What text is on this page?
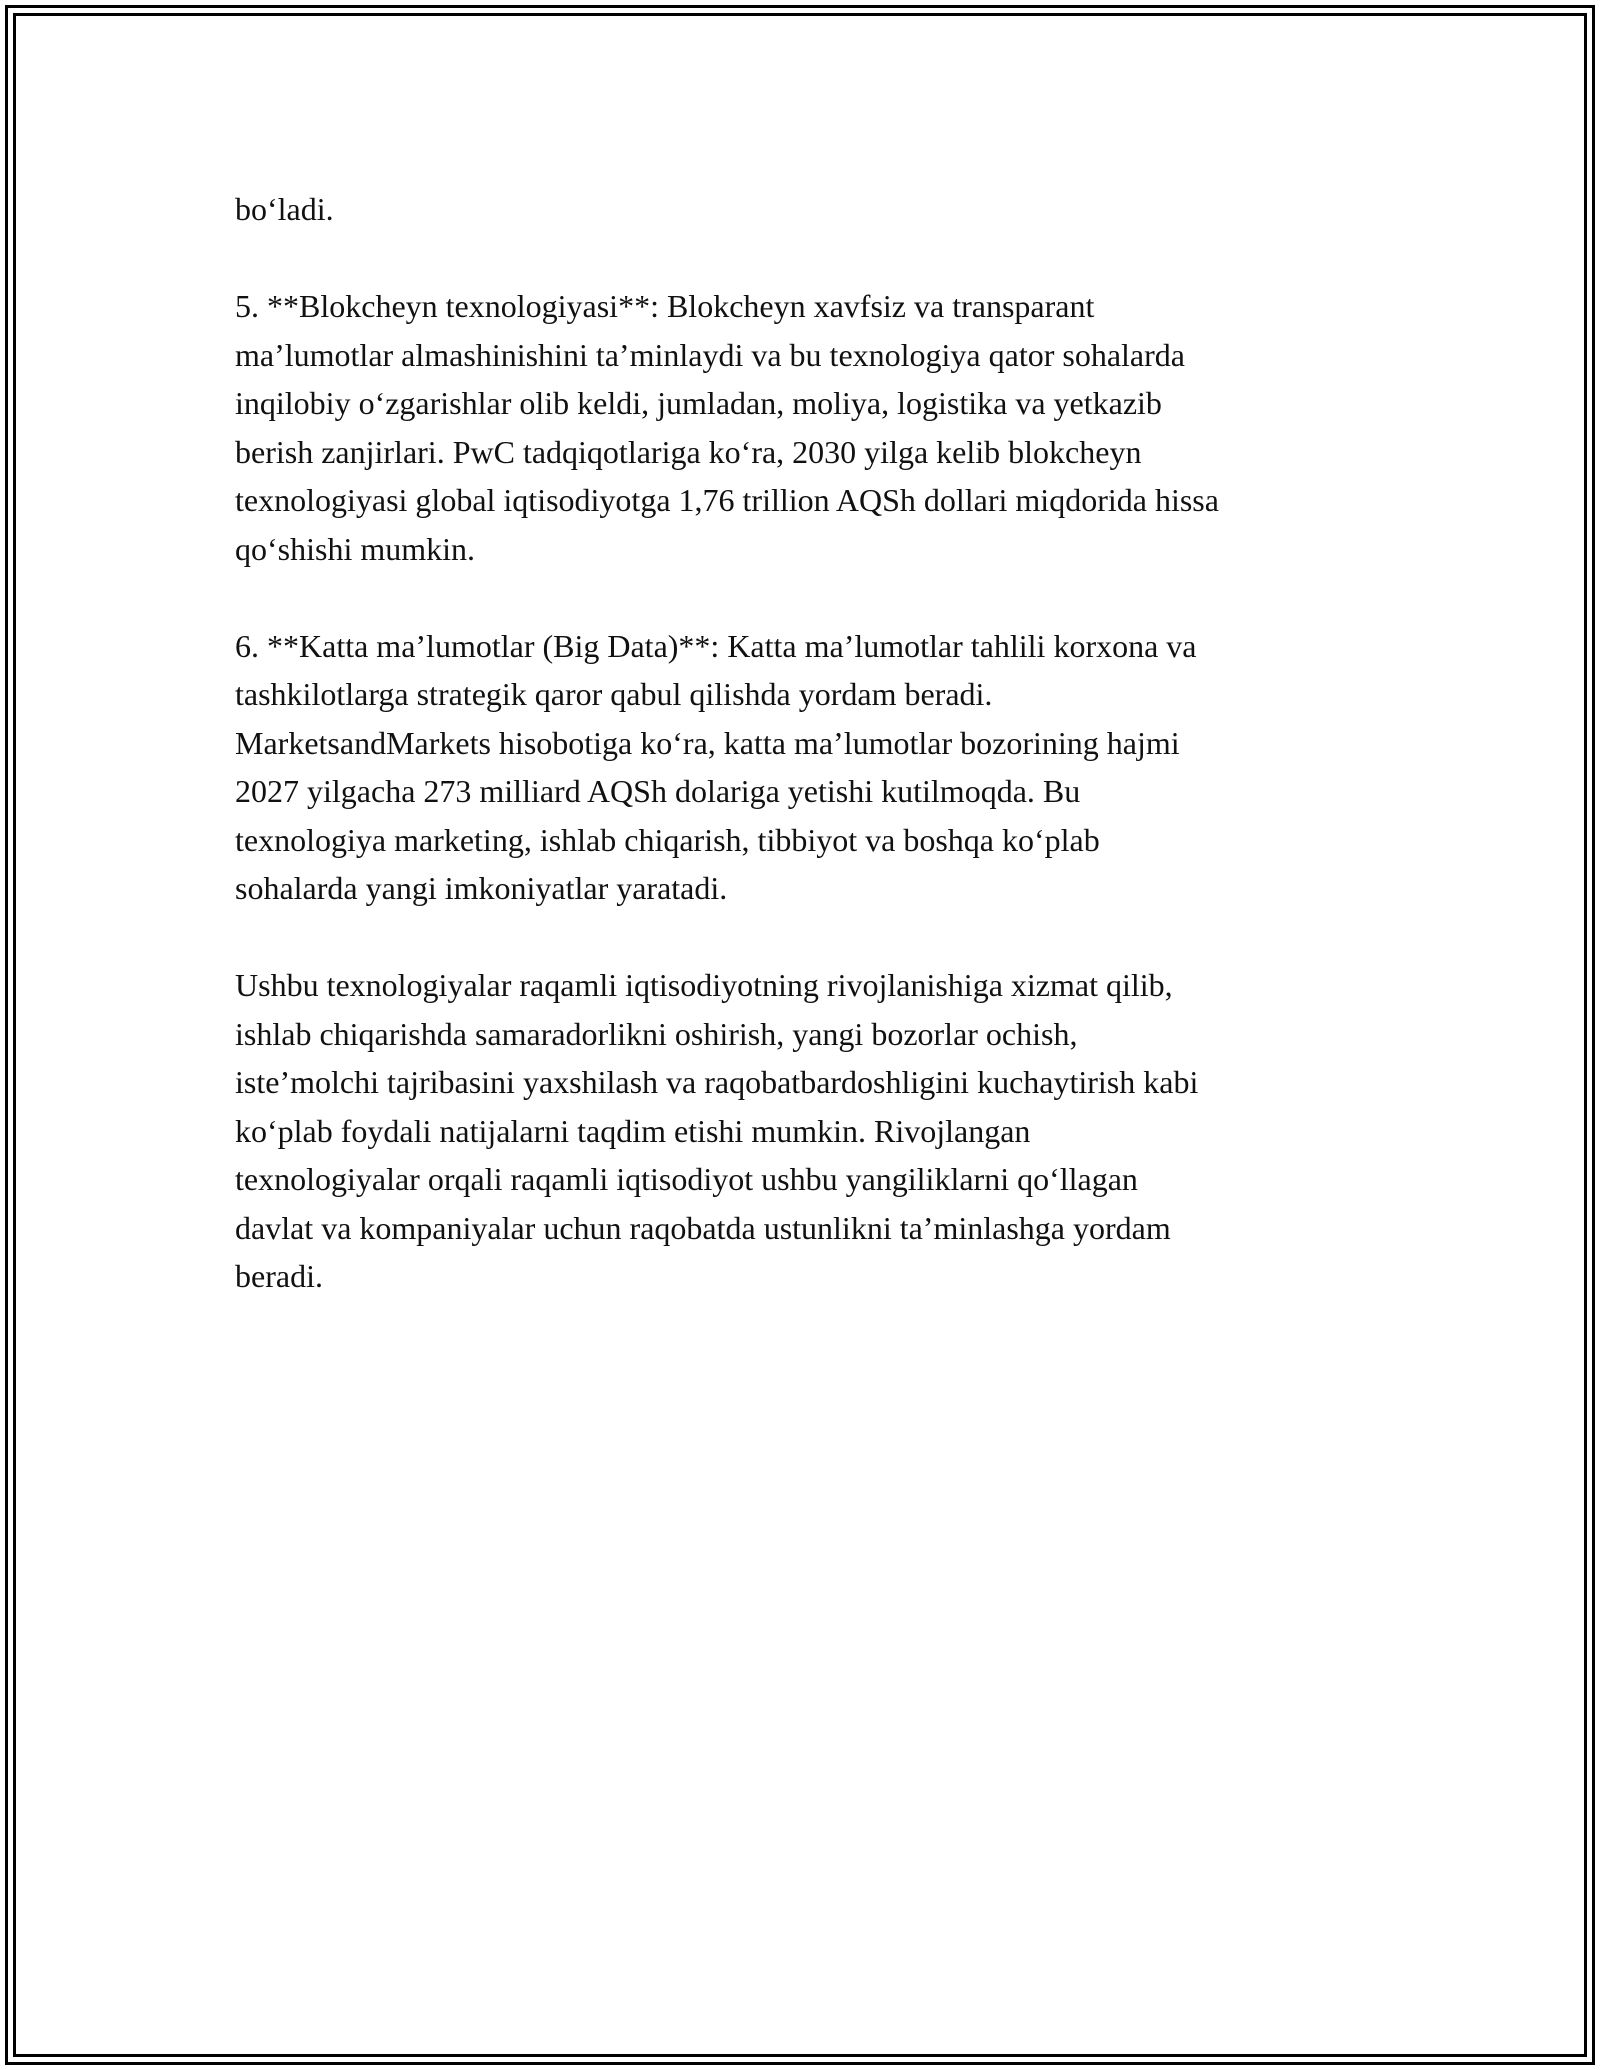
bo‘ladi.
5. **Blokcheyn texnologiyasi**: Blokcheyn xavfsiz va transparant
ma’lumotlar almashinishini ta’minlaydi va bu texnologiya qator sohalarda
inqilobiy o‘zgarishlar olib keldi, jumladan, moliya, logistika va yetkazib
berish zanjirlari. PwC tadqiqotlariga ko‘ra, 2030 yilga kelib blokcheyn
texnologiyasi global iqtisodiyotga 1,76 trillion AQSh dollari miqdorida hissa
qo‘shishi mumkin.
6. **Katta ma’lumotlar (Big Data)**: Katta ma’lumotlar tahlili korxona va
tashkilotlarga strategik qaror qabul qilishda yordam beradi.
MarketsandMarkets hisobotiga ko‘ra, katta ma’lumotlar bozorining hajmi
2027 yilgacha 273 milliard AQSh dolariga yetishi kutilmoqda. Bu
texnologiya marketing, ishlab chiqarish, tibbiyot va boshqa ko‘plab
sohalarda yangi imkoniyatlar yaratadi.
Ushbu texnologiyalar raqamli iqtisodiyotning rivojlanishiga xizmat qilib,
ishlab chiqarishda samaradorlikni oshirish, yangi bozorlar ochish,
iste’molchi tajribasini yaxshilash va raqobatbardoshligini kuchaytirish kabi
ko‘plab foydali natijalarni taqdim etishi mumkin. Rivojlangan
texnologiyalar orqali raqamli iqtisodiyot ushbu yangiliklarni qo‘llagan
davlat va kompaniyalar uchun raqobatda ustunlikni ta’minlashga yordam
beradi.
